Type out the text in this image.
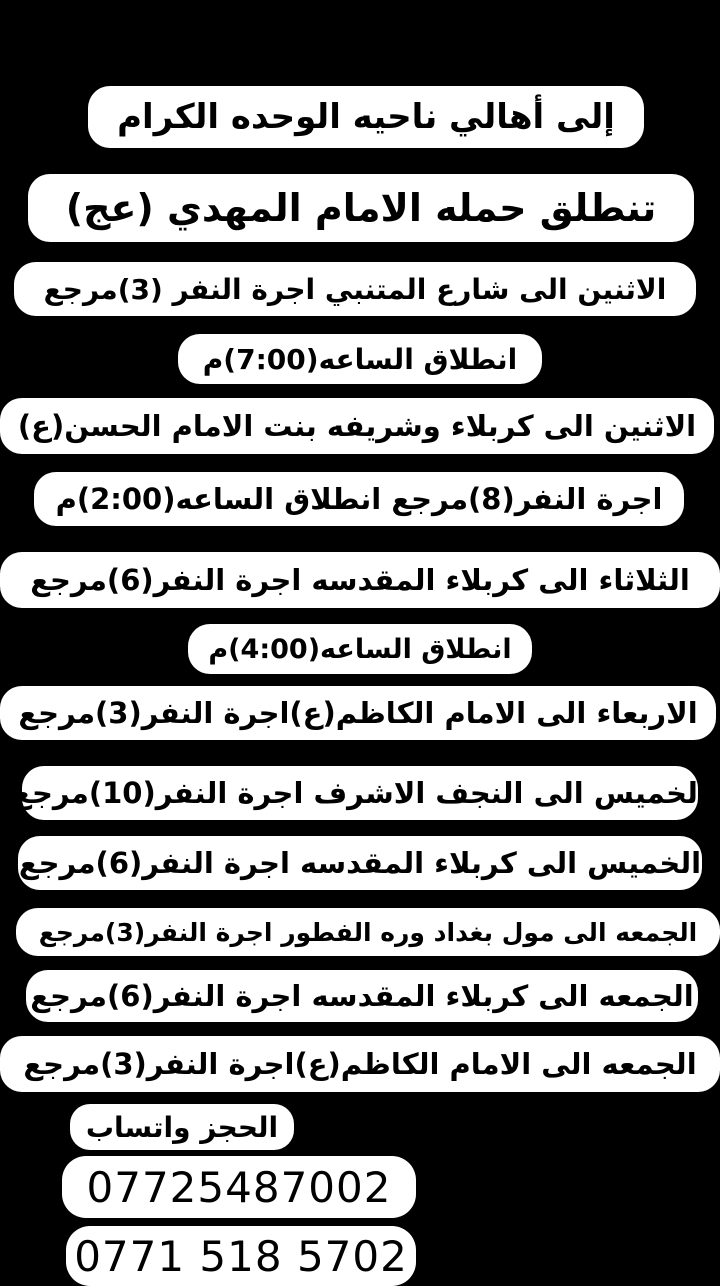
إلى أهالي ناحيه الوحده الكرام
تنطلق حمله الامام المهدي (عج)
الاثنين الى شارع المتنبي اجرة النفر (3)مرجع
انطلاق الساعه(7:00)م
الاثنين الى كربلاء وشريفه بنت الامام الحسن(ع)
اجرة النفر(8)مرجع انطلاق الساعه(2:00)م
الثلاثاء الى كربلاء المقدسه اجرة النفر(6)مرجع
انطلاق الساعه(4:00)م
الاربعاء الى الامام الكاظم(ع)اجرة النفر(3)مرجع
الخميس الى النجف الاشرف اجرة النفر(10)مرجع
الخميس الى كربلاء المقدسه اجرة النفر(6)مرجع
الجمعه الى مول بغداد وره الفطور اجرة النفر(3)مرجع
الجمعه الى كربلاء المقدسه اجرة النفر(6)مرجع
الجمعه الى الامام الكاظم(ع)اجرة النفر(3)مرجع
الحجز واتساب
07725487002
0771 518 5702
